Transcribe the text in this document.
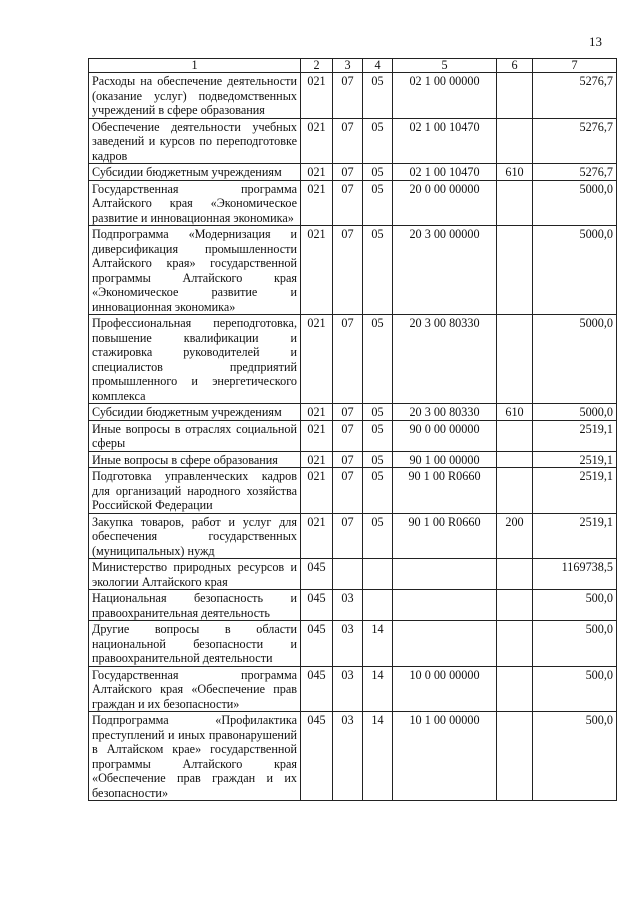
13
1	2	3	4	5	6	7
Расходы на обеспечение деятельности (оказание услуг) подведомственных учреждений в сфере образования	021	07	05	02 1 00 00000		5276,7
Обеспечение деятельности учебных заведений и курсов по переподготовке кадров	021	07	05	02 1 00 10470		5276,7
Субсидии бюджетным учреждениям	021	07	05	02 1 00 10470	610	5276,7
Государственная программа Алтайского края «Экономическое развитие и инновационная экономика»	021	07	05	20 0 00 00000		5000,0
Подпрограмма «Модернизация и диверсификация промышленности Алтайского края» государственной программы Алтайского края «Экономическое развитие и инновационная экономика»	021	07	05	20 3 00 00000		5000,0
Профессиональная переподготовка, повышение квалификации и стажировка руководителей и специалистов предприятий промышленного и энергетического комплекса	021	07	05	20 3 00 80330		5000,0
Субсидии бюджетным учреждениям	021	07	05	20 3 00 80330	610	5000,0
Иные вопросы в отраслях социальной сферы	021	07	05	90 0 00 00000		2519,1
Иные вопросы в сфере образования	021	07	05	90 1 00 00000		2519,1
Подготовка управленческих кадров для организаций народного хозяйства Российской Федерации	021	07	05	90 1 00 R0660		2519,1
Закупка товаров, работ и услуг для обеспечения государственных (муниципальных) нужд	021	07	05	90 1 00 R0660	200	2519,1
Министерство природных ресурсов и экологии Алтайского края	045					1169738,5
Национальная безопасность и правоохранительная деятельность	045	03				500,0
Другие вопросы в области национальной безопасности и правоохранительной деятельности	045	03	14			500,0
Государственная программа Алтайского края «Обеспечение прав граждан и их безопасности»	045	03	14	10 0 00 00000		500,0
Подпрограмма «Профилактика преступлений и иных правонарушений в Алтайском крае» государственной программы Алтайского края «Обеспечение прав граждан и их безопасности»	045	03	14	10 1 00 00000		500,0
